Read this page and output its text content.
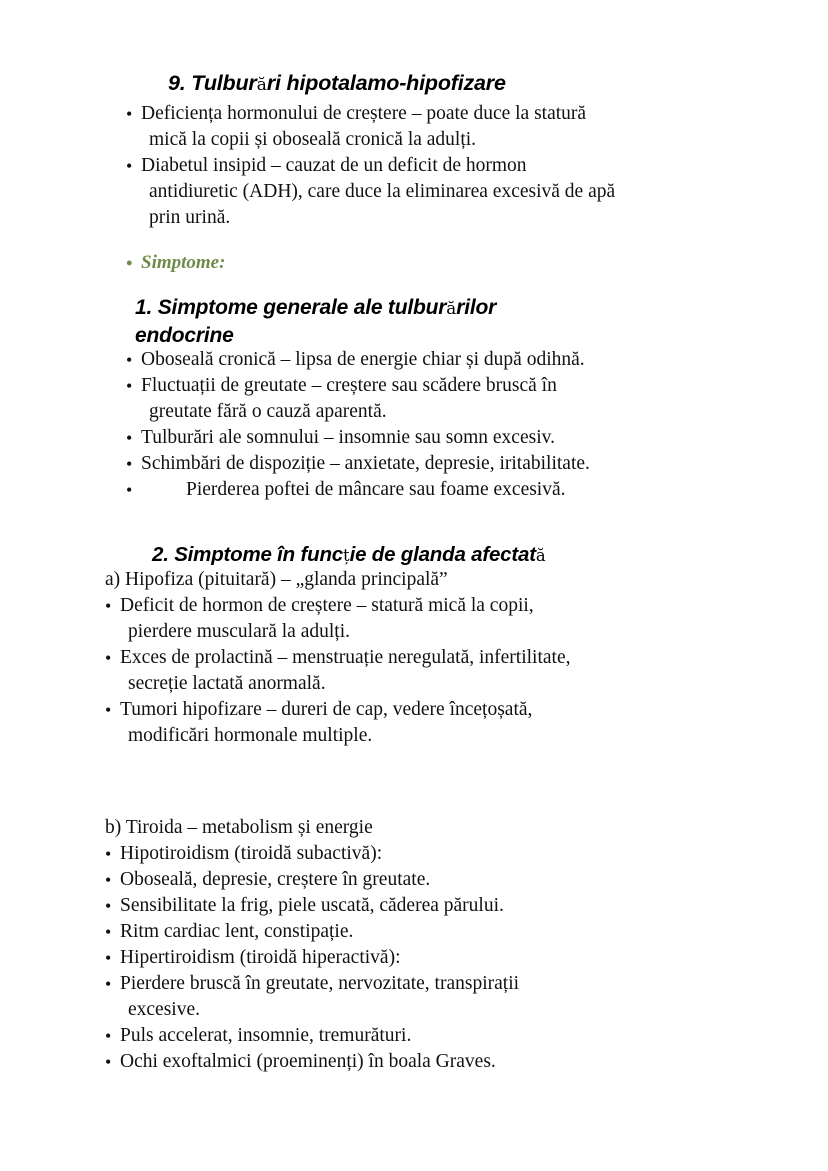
9. Tulburări hipotalamo-hipofizare
• Deficiența hormonului de creștere – poate duce la statură
mică la copii și oboseală cronică la adulți.
• Diabetul insipid – cauzat de un deficit de hormon
antidiuretic (ADH), care duce la eliminarea excesivă de apă
prin urină.
• Simptome:
1. Simptome generale ale tulburărilor endocrine
• Oboseală cronică – lipsa de energie chiar și după odihnă.
• Fluctuații de greutate – creștere sau scădere bruscă în
greutate fără o cauză aparentă.
• Tulburări ale somnului – insomnie sau somn excesiv.
• Schimbări de dispoziție – anxietate, depresie, iritabilitate.
• Pierderea poftei de mâncare sau foame excesivă.
2. Simptome în funcție de glanda afectată
a) Hipofiza (pituitară) – „glanda principală”
• Deficit de hormon de creștere – statură mică la copii,
pierdere musculară la adulți.
• Exces de prolactină – menstruație neregulată, infertilitate,
secreție lactată anormală.
• Tumori hipofizare – dureri de cap, vedere încețoșată,
modificări hormonale multiple.
b) Tiroida – metabolism și energie
• Hipotiroidism (tiroidă subactivă):
• Oboseală, depresie, creștere în greutate.
• Sensibilitate la frig, piele uscată, căderea părului.
• Ritm cardiac lent, constipație.
• Hipertiroidism (tiroidă hiperactivă):
• Pierdere bruscă în greutate, nervozitate, transpirații
excesive.
• Puls accelerat, insomnie, tremurături.
• Ochi exoftalmici (proeminenți) în boala Graves.
